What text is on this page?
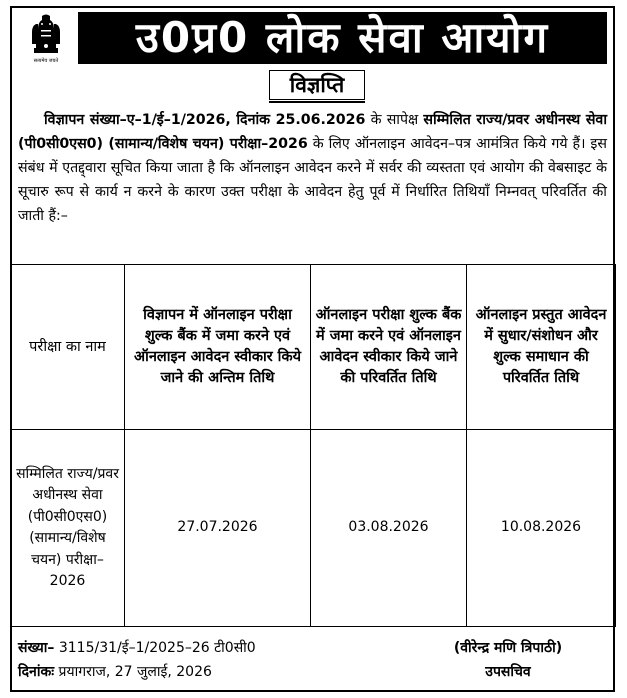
सत्यमेव जयते	उ0प्र0 लोक सेवा आयोग
विज्ञप्ति
विज्ञापन संख्या–ए–1/ई–1/2026, दिनांक 25.06.2026 के सापेक्ष सम्मिलित राज्य/प्रवर अधीनस्थ सेवा (पी0सी0एस0) (सामान्य/विशेष चयन) परीक्षा–2026 के लिए ऑनलाइन आवेदन–पत्र आमंत्रित किये गये हैं। इस संबंध में एतद्द्वारा सूचित किया जाता है कि ऑनलाइन आवेदन करने में सर्वर की व्यस्तता एवं आयोग की वेबसाइट के सूचारु रूप से कार्य न करने के कारण उक्त परीक्षा के आवेदन हेतु पूर्व में निर्धारित तिथियाँ निम्नवत् परिवर्तित की जाती हैं:–
परीक्षा का नाम	विज्ञापन में ऑनलाइन परीक्षा शुल्क बैंक में जमा करने एवं ऑनलाइन आवेदन स्वीकार किये जाने की अन्तिम तिथि	ऑनलाइन परीक्षा शुल्क बैंक में जमा करने एवं ऑनलाइन आवेदन स्वीकार किये जाने की परिवर्तित तिथि	ऑनलाइन प्रस्तुत आवेदन में सुधार/संशोधन और शुल्क समाधान की परिवर्तित तिथि
सम्मिलित राज्य/प्रवर अधीनस्थ सेवा (पी0सी0एस0) (सामान्य/विशेष चयन) परीक्षा–2026	27.07.2026	03.08.2026	10.08.2026
संख्या– 3115/31/ई–1/2025–26 टी0सी0
दिनांकः प्रयागराज, 27 जुलाई, 2026
(वीरेन्द्र मणि त्रिपाठी)
उपसचिव
